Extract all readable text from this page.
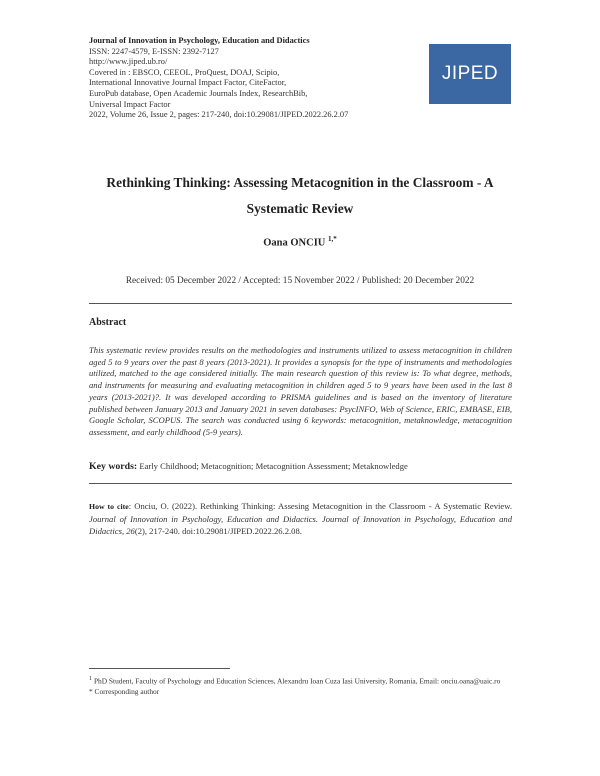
Journal of Innovation in Psychology, Education and Didactics
ISSN: 2247-4579, E-ISSN: 2392-7127
http://www.jiped.ub.ro/
Covered in : EBSCO, CEEOL, ProQuest, DOAJ, Scipio,
International Innovative Journal Impact Factor, CiteFactor,
EuroPub database, Open Academic Journals Index, ResearchBib,
Universal Impact Factor
2022, Volume 26, Issue 2, pages: 217-240, doi:10.29081/JIPED.2022.26.2.07
JIPED
Rethinking Thinking: Assessing Metacognition in the Classroom - A Systematic Review
Oana ONCIU $^{1,*}$
Received: 05 December 2022 / Accepted: 15 November 2022 / Published: 20 December 2022
Abstract
This systematic review provides results on the methodologies and instruments utilized to assess metacognition in children aged 5 to 9 years over the past 8 years (2013-2021). It provides a synopsis for the type of instruments and methodologies utilized, matched to the age considered initially. The main research question of this review is: To what degree, methods, and instruments for measuring and evaluating metacognition in children aged 5 to 9 years have been used in the last 8 years (2013-2021)?. It was developed according to PRISMA guidelines and is based on the inventory of literature published between January 2013 and January 2021 in seven databases: PsycINFO, Web of Science, ERIC, EMBASE, EIB, Google Scholar, SCOPUS. The search was conducted using 6 keywords: metacognition, metaknowledge, metacognition assessment, and early childhood (5-9 years).
Key words: Early Childhood; Metacognition; Metacognition Assessment; Metaknowledge
How to cite: Onciu, O. (2022). Rethinking Thinking: Assesing Metacognition in the Classroom - A Systematic Review. Journal of Innovation in Psychology, Education and Didactics. Journal of Innovation in Psychology, Education and Didactics, 26(2), 217-240. doi:10.29081/JIPED.2022.26.2.08.
$^1$ PhD Student, Faculty of Psychology and Education Sciences, Alexandru Ioan Cuza Iasi University, Romania, Email: onciu.oana@uaic.ro
* Corresponding author
